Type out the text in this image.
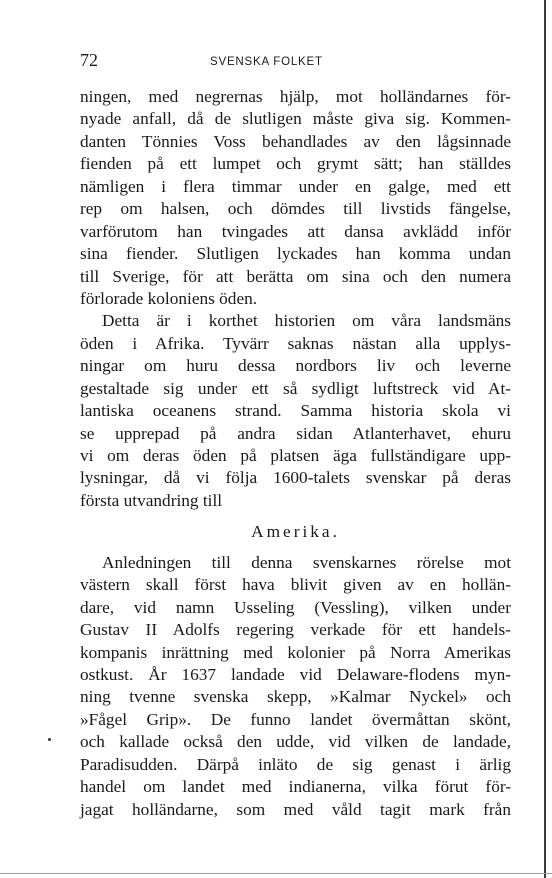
72	SVENSKA FOLKET
ningen, med negrernas hjälp, mot holländarnes för-
nyade anfall, då de slutligen måste giva sig. Kommen-
danten Tönnies Voss behandlades av den lågsinnade
fienden på ett lumpet och grymt sätt; han ställdes
nämligen i flera timmar under en galge, med ett
rep om halsen, och dömdes till livstids fängelse,
varförutom han tvingades att dansa avklädd inför
sina fiender. Slutligen lyckades han komma undan
till Sverige, för att berätta om sina och den numera
förlorade koloniens öden.
Detta är i korthet historien om våra landsmäns
öden i Afrika. Tyvärr saknas nästan alla upplys-
ningar om huru dessa nordbors liv och leverne
gestaltade sig under ett så sydligt luftstreck vid At-
lantiska oceanens strand. Samma historia skola vi
se upprepad på andra sidan Atlanterhavet, ehuru
vi om deras öden på platsen äga fullständigare upp-
lysningar, då vi följa 1600-talets svenskar på deras
första utvandring till
Amerika.
Anledningen till denna svenskarnes rörelse mot
västern skall först hava blivit given av en hollän-
dare, vid namn Usseling (Vessling), vilken under
Gustav II Adolfs regering verkade för ett handels-
kompanis inrättning med kolonier på Norra Amerikas
ostkust. År 1637 landade vid Delaware-flodens myn-
ning tvenne svenska skepp, »Kalmar Nyckel» och
»Fågel Grip». De funno landet övermåttan skönt,
och kallade också den udde, vid vilken de landade,
Paradisudden. Därpå inläto de sig genast i ärlig
handel om landet med indianerna, vilka förut för-
jagat holländarne, som med våld tagit mark från
